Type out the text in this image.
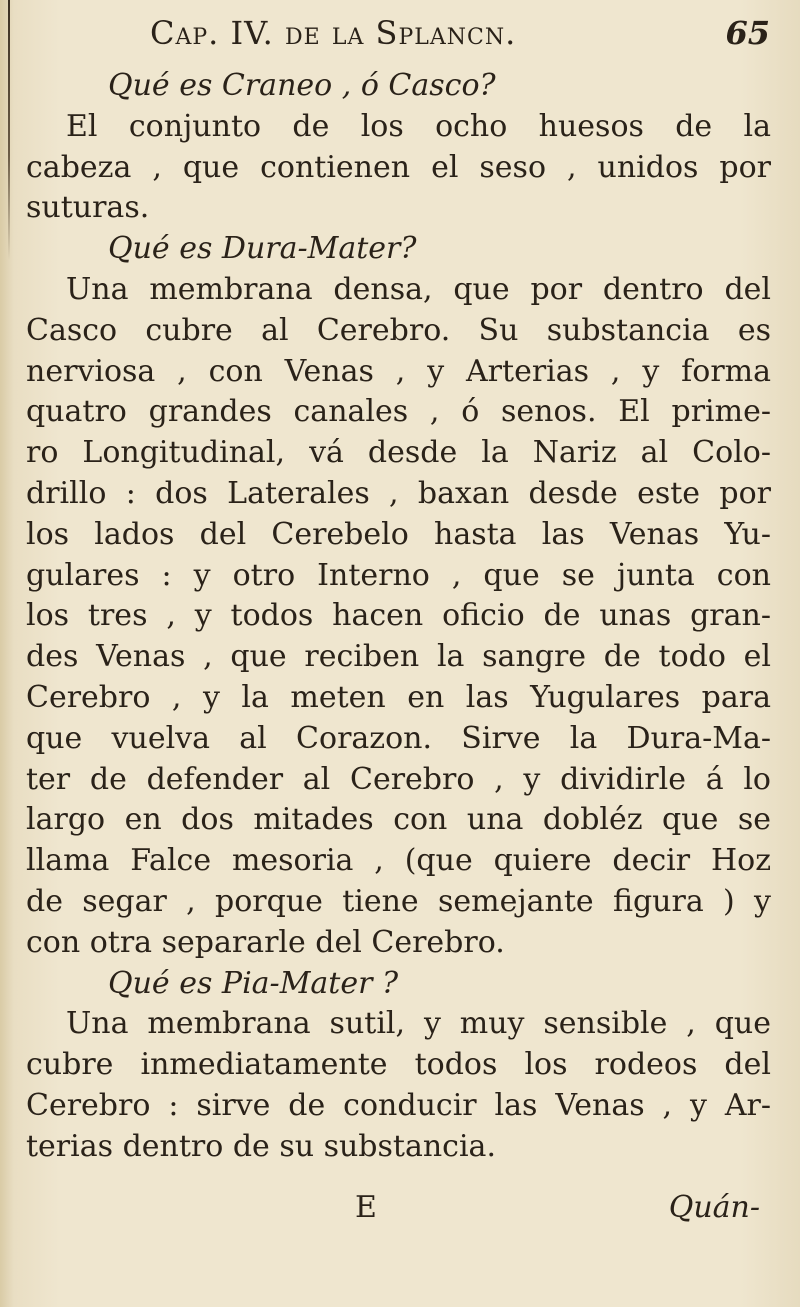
Cap. IV. de la Splancn.	65
Qué es Craneo , ó Casco?
El conjunto de los ocho huesos de la
cabeza , que contienen el seso , unidos por
suturas.
Qué es Dura-Mater?
Una membrana densa, que por dentro del
Casco cubre al Cerebro. Su substancia es
nerviosa , con Venas , y Arterias , y forma
quatro grandes canales , ó senos. El prime-
ro Longitudinal, vá desde la Nariz al Colo-
drillo : dos Laterales , baxan desde este por
los lados del Cerebelo hasta las Venas Yu-
gulares : y otro Interno , que se junta con
los tres , y todos hacen oficio de unas gran-
des Venas , que reciben la sangre de todo el
Cerebro , y la meten en las Yugulares para
que vuelva al Corazon. Sirve la Dura-Ma-
ter de defender al Cerebro , y dividirle á lo
largo en dos mitades con una dobléz que se
llama Falce mesoria , (que quiere decir Hoz
de segar , porque tiene semejante figura ) y
con otra separarle del Cerebro.
Qué es Pia-Mater ?
Una membrana sutil, y muy sensible , que
cubre inmediatamente todos los rodeos del
Cerebro : sirve de conducir las Venas , y Ar-
terias dentro de su substancia.
E	Quán-
